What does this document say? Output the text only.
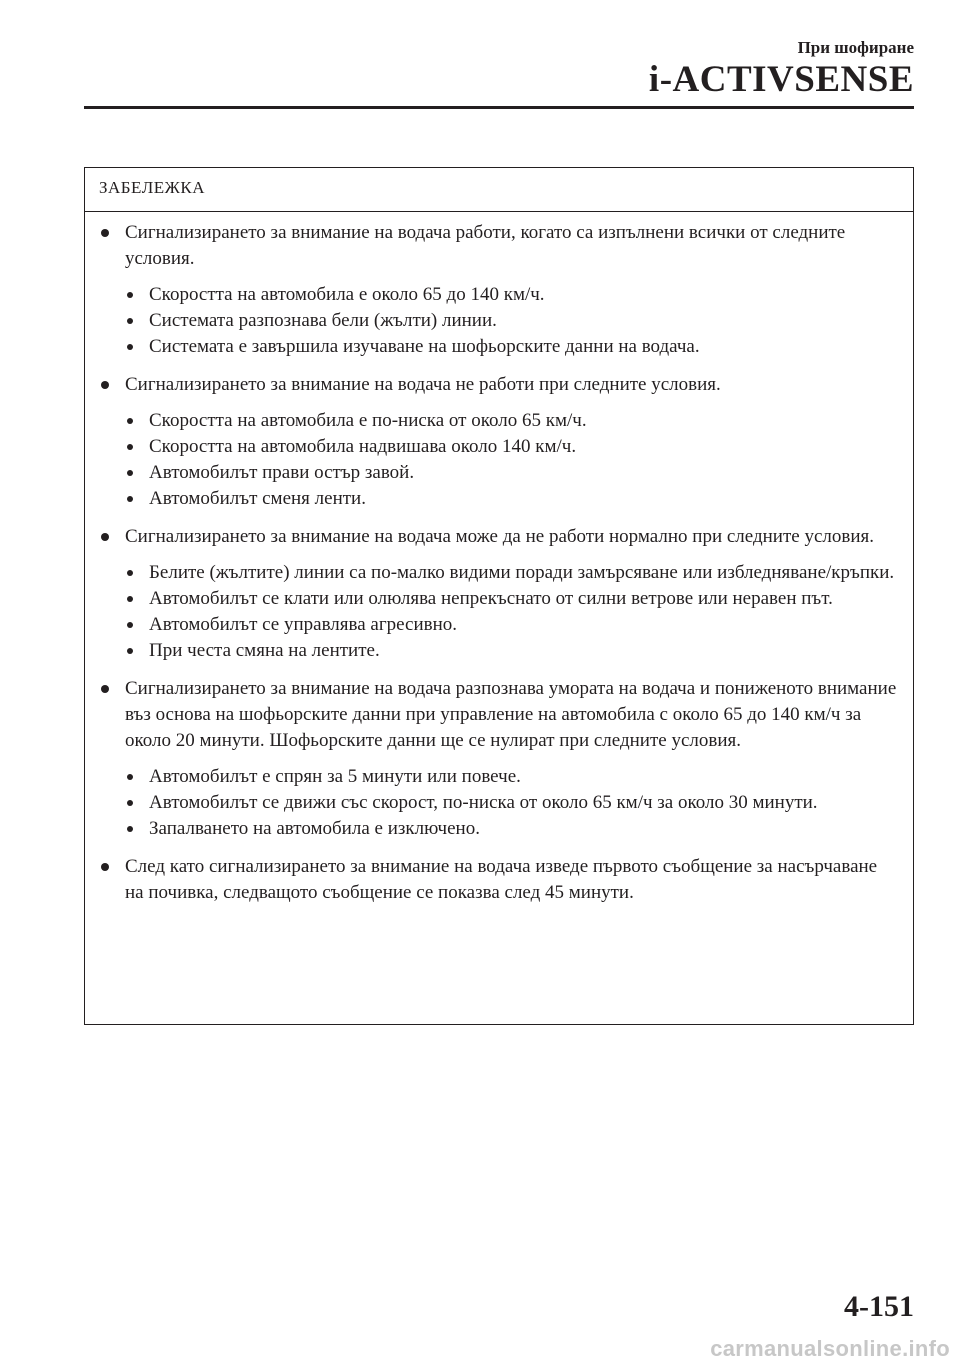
При шофиране
i-ACTIVSENSE
ЗАБЕЛЕЖКА
Сигнализирането за внимание на водача работи, когато са изпълнени всички от следните условия.
Скоростта на автомобила е около 65 до 140 км/ч.
Системата разпознава бели (жълти) линии.
Системата е завършила изучаване на шофьорските данни на водача.
Сигнализирането за внимание на водача не работи при следните условия.
Скоростта на автомобила е по-ниска от около 65 км/ч.
Скоростта на автомобила надвишава около 140 км/ч.
Автомобилът прави остър завой.
Автомобилът сменя ленти.
Сигнализирането за внимание на водача може да не работи нормално при следните условия.
Белите (жълтите) линии са по-малко видими поради замърсяване или избледняване/кръпки.
Автомобилът се клати или олюлява непрекъснато от силни ветрове или неравен път.
Автомобилът се управлява агресивно.
При честа смяна на лентите.
Сигнализирането за внимание на водача разпознава умората на водача и пониженото внимание въз основа на шофьорските данни при управление на автомобила с около 65 до 140 км/ч за около 20 минути. Шофьорските данни ще се нулират при следните условия.
Автомобилът е спрян за 5 минути или повече.
Автомобилът се движи със скорост, по-ниска от около 65 км/ч за около 30 минути.
Запалването на автомобила е изключено.
След като сигнализирането за внимание на водача изведе първото съобщение за насърчаване на почивка, следващото съобщение се показва след 45 минути.
4-151
carmanualsonline.info
